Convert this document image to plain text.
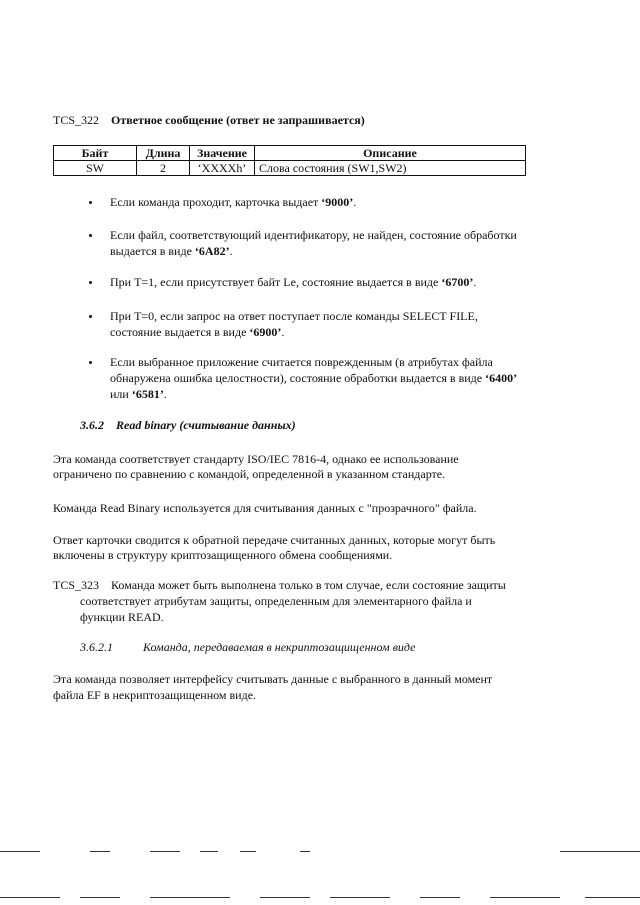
TCS_322 Ответное сообщение (ответ не запрашивается)
Байт	Длина	Значение	Описание
SW	2	‘XXXXh’	Слова состояния (SW1,SW2)
Если команда проходит, карточка выдает ‘9000’.
Если файл, соответствующий идентификатору, не найден, состояние обработки
выдается в виде ‘6A82’.
При T=1, если присутствует байт Le, состояние выдается в виде ‘6700’.
При T=0, если запрос на ответ поступает после команды SELECT FILE,
состояние выдается в виде ‘6900’.
Если выбранное приложение считается поврежденным (в атрибутах файла
обнаружена ошибка целостности), состояние обработки выдается в виде ‘6400’
или ‘6581’.
3.6.2 Read binary (считывание данных)
Эта команда соответствует стандарту ISO/IEC 7816-4, однако ее использование
ограничено по сравнению с командой, определенной в указанном стандарте.
Команда Read Binary используется для считывания данных с "прозрачного" файла.
Ответ карточки сводится к обратной передаче считанных данных, которые могут быть
включены в структуру криптозащищенного обмена сообщениями.
TCS_323 Команда может быть выполнена только в том случае, если состояние защиты
соответствует атрибутам защиты, определенным для элементарного файла и
функции READ.
3.6.2.1	Команда, передаваемая в некриптозащищенном виде
Эта команда позволяет интерфейсу считывать данные с выбранного в данный момент
файла EF в некриптозащищенном виде.
